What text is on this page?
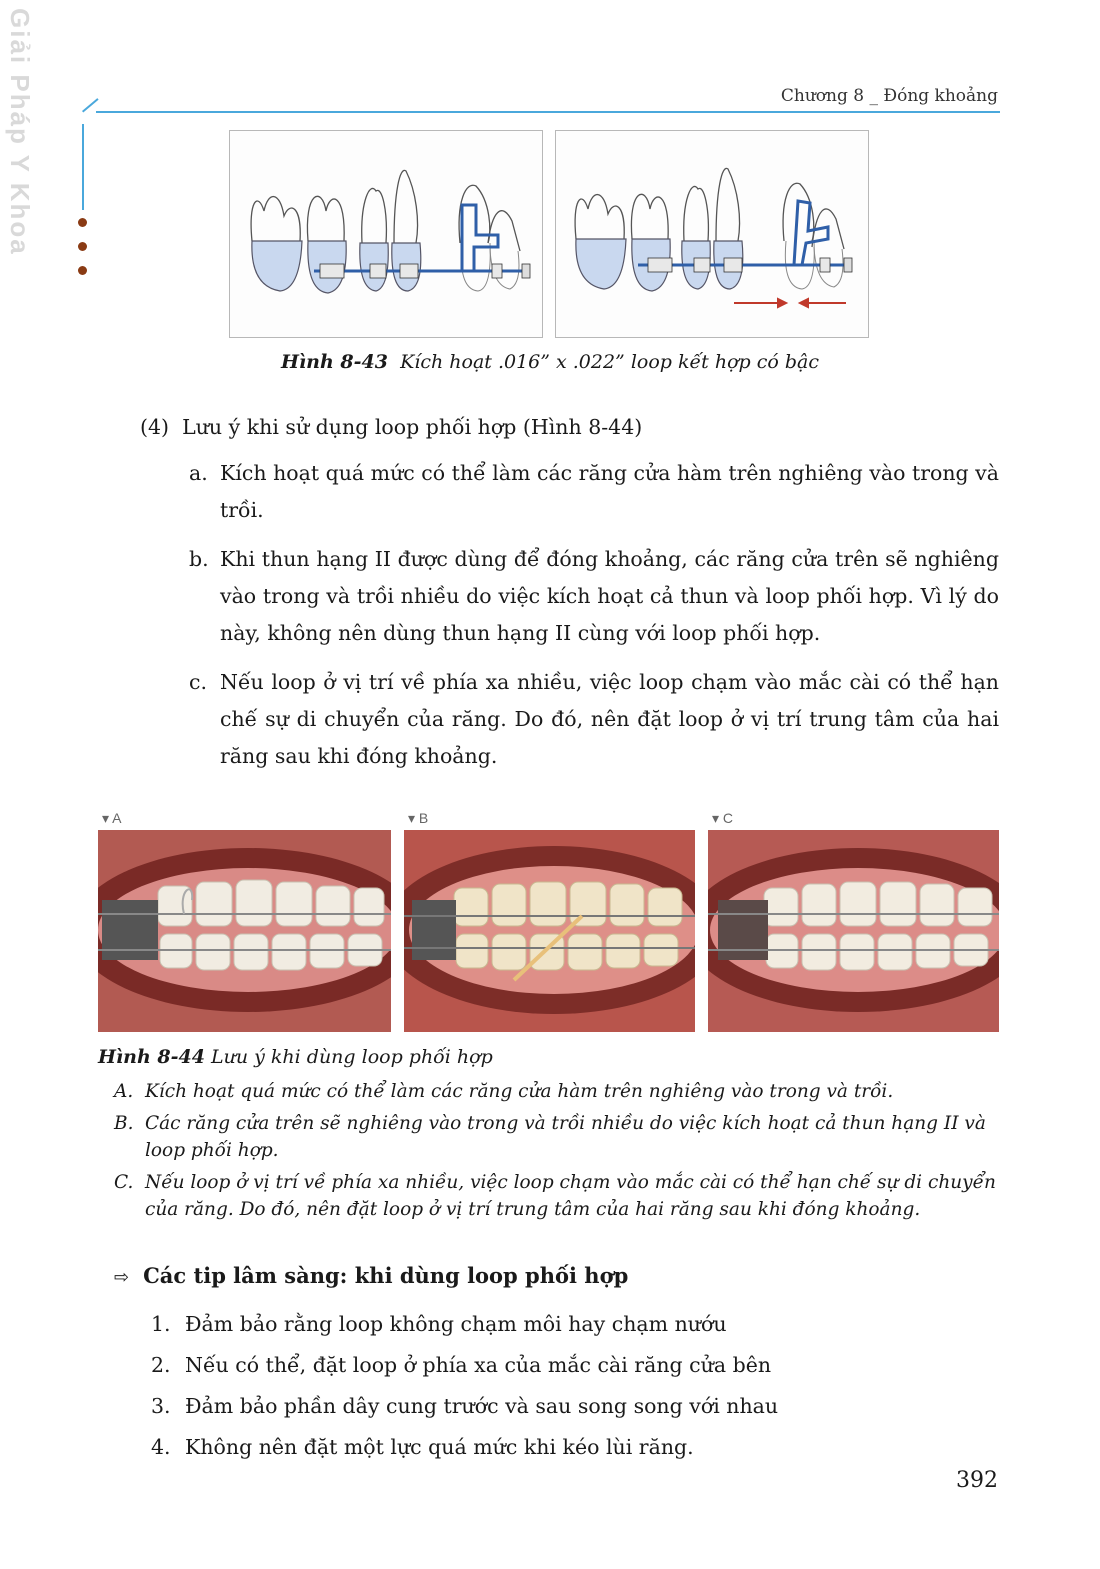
Giải Pháp Y Khoa	Chương 8 _ Đóng khoảng
Hình 8-43 Kích hoạt .016” x .022” loop kết hợp có bậc
(4) Lưu ý khi sử dụng loop phối hợp (Hình 8-44)
a. Kích hoạt quá mức có thể làm các răng cửa hàm trên nghiêng vào trong và trồi.
b. Khi thun hạng II được dùng để đóng khoảng, các răng cửa trên sẽ nghiêng vào trong và trồi nhiều do việc kích hoạt cả thun và loop phối hợp. Vì lý do này, không nên dùng thun hạng II cùng với loop phối hợp.
c. Nếu loop ở vị trí về phía xa nhiều, việc loop chạm vào mắc cài có thể hạn chế sự di chuyển của răng. Do đó, nên đặt loop ở vị trí trung tâm của hai răng sau khi đóng khoảng.
▾ A	▾ B	▾ C
Hình 8-44 Lưu ý khi dùng loop phối hợp
A. Kích hoạt quá mức có thể làm các răng cửa hàm trên nghiêng vào trong và trồi.
B. Các răng cửa trên sẽ nghiêng vào trong và trồi nhiều do việc kích hoạt cả thun hạng II và loop phối hợp.
C. Nếu loop ở vị trí về phía xa nhiều, việc loop chạm vào mắc cài có thể hạn chế sự di chuyển của răng. Do đó, nên đặt loop ở vị trí trung tâm của hai răng sau khi đóng khoảng.
⇨ Các tip lâm sàng: khi dùng loop phối hợp
1. Đảm bảo rằng loop không chạm môi hay chạm nướu
2. Nếu có thể, đặt loop ở phía xa của mắc cài răng cửa bên
3. Đảm bảo phần dây cung trước và sau song song với nhau
4. Không nên đặt một lực quá mức khi kéo lùi răng.
392
